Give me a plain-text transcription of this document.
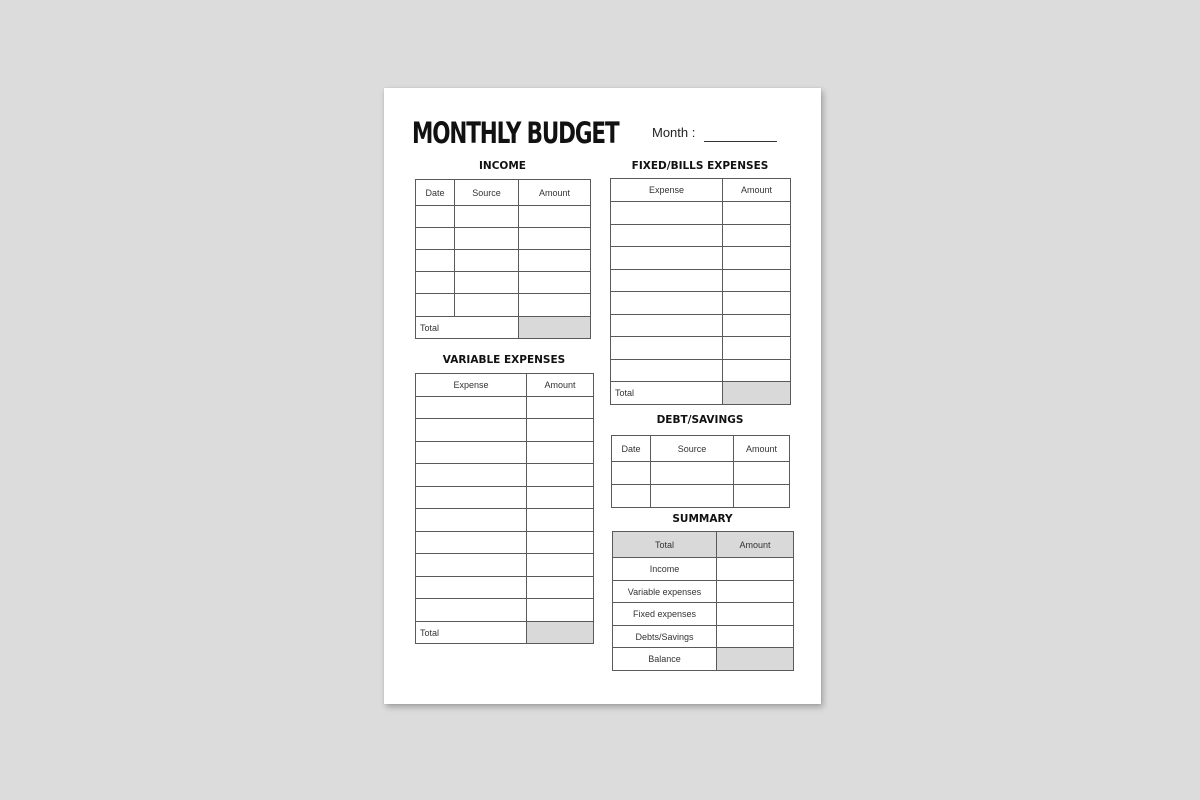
MONTHLY BUDGET	Month :
INCOME
Date	Source	Amount

Total		
VARIABLE EXPENSES
Expense	Amount

Total	
FIXED/BILLS EXPENSES
Expense	Amount

Total	
DEBT/SAVINGS
Date	Source	Amount

SUMMARY
Total	Amount
Income	
Variable expenses	
Fixed expenses	
Debts/Savings	
Balance	
